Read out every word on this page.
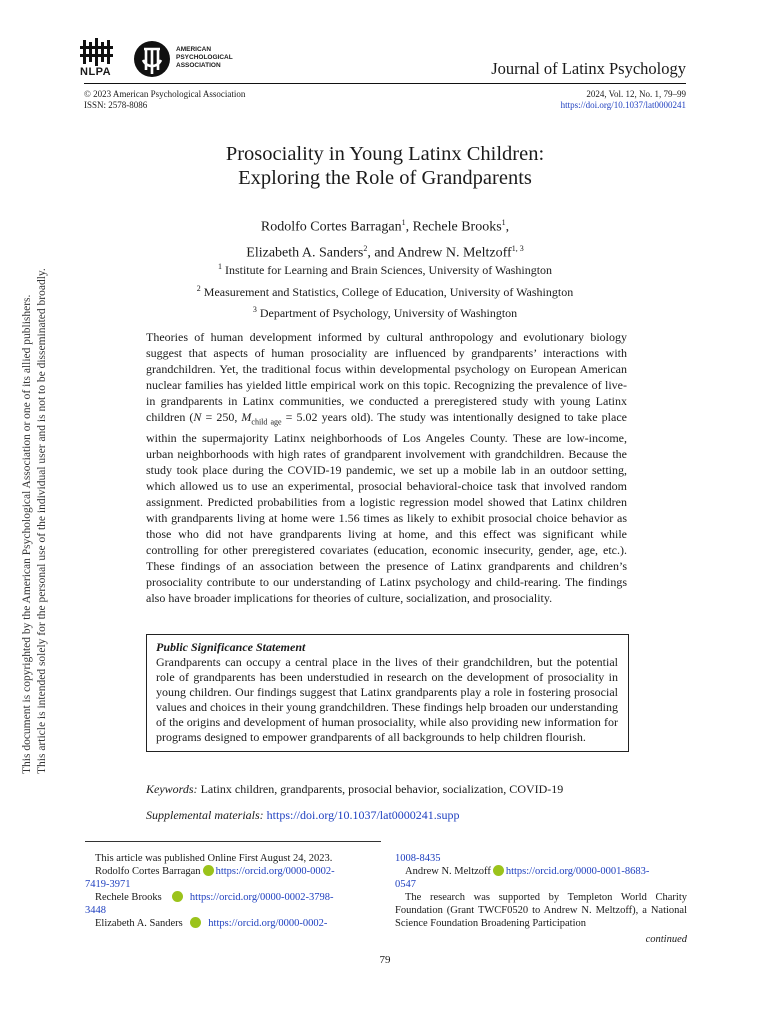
This document is copyrighted by the American Psychological Association or one of its allied publishers. This article is intended solely for the personal use of the individual user and is not to be disseminated broadly.
NLPA
AMERICAN
PSYCHOLOGICAL
ASSOCIATION	Journal of Latinx Psychology
© 2023 American Psychological Association
ISSN: 2578-8086
2024, Vol. 12, No. 1, 79–99
https://doi.org/10.1037/lat0000241
Prosociality in Young Latinx Children:
Exploring the Role of Grandparents
Rodolfo Cortes Barragan$^1$, Rechele Brooks$^1$,
Elizabeth A. Sanders$^2$, and Andrew N. Meltzoff$^{1, 3}$
$^1$ Institute for Learning and Brain Sciences, University of Washington
$^2$ Measurement and Statistics, College of Education, University of Washington
$^3$ Department of Psychology, University of Washington
Theories of human development informed by cultural anthropology and evolutionary biology suggest that aspects of human prosociality are influenced by grandparents’ interactions with grandchildren. Yet, the traditional focus within developmental psychology on European American nuclear families has yielded little empirical work on this topic. Recognizing the prevalence of live-in grandparents in Latinx communities, we conducted a preregistered study with young Latinx children (N = 250, $M_{child age} = 5.02$ years old). The study was intentionally designed to take place within the supermajority Latinx neighborhoods of Los Angeles County. These are low-income, urban neighborhoods with high rates of grandparent involvement with grandchildren. Because the study took place during the COVID-19 pandemic, we set up a mobile lab in an outdoor setting, which allowed us to use an experimental, prosocial behavioral-choice task that involved random assignment. Predicted probabilities from a logistic regression model showed that Latinx children with grandparents living at home were 1.56 times as likely to exhibit prosocial choice behavior as those who did not have grandparents living at home, and this effect was significant while controlling for other preregistered covariates (education, economic insecurity, gender, age, etc.). These findings of an association between the presence of Latinx grandparents and children’s prosociality contribute to our understanding of Latinx psychology and child-rearing. The findings also have broader implications for theories of culture, socialization, and prosociality.
Public Significance Statement
Grandparents can occupy a central place in the lives of their grandchildren, but the potential role of grandparents has been understudied in research on the development of prosociality in young children. Our findings suggest that Latinx grandparents play a role in fostering prosocial values and choices in their young grandchildren. These findings help broaden our understanding of the origins and development of human prosociality, while also providing new information for programs designed to empower grandparents of all backgrounds to help children flourish.
Keywords: Latinx children, grandparents, prosocial behavior, socialization, COVID-19
Supplemental materials: https://doi.org/10.1037/lat0000241.supp
This article was published Online First August 24, 2023.
Rodolfo Cortes Barragan https://orcid.org/0000-0002-
7419-3971
Rechele Brooks	https://orcid.org/0000-0002-3798-
3448
Elizabeth A. Sanders https://orcid.org/0000-0002-
1008-8435
Andrew N. Meltzoff https://orcid.org/0000-0001-8683-
0547
The research was supported by Templeton World Charity Foundation (Grant TWCF0520 to Andrew N. Meltzoff), a National Science Foundation Broadening Participation
continued
79
